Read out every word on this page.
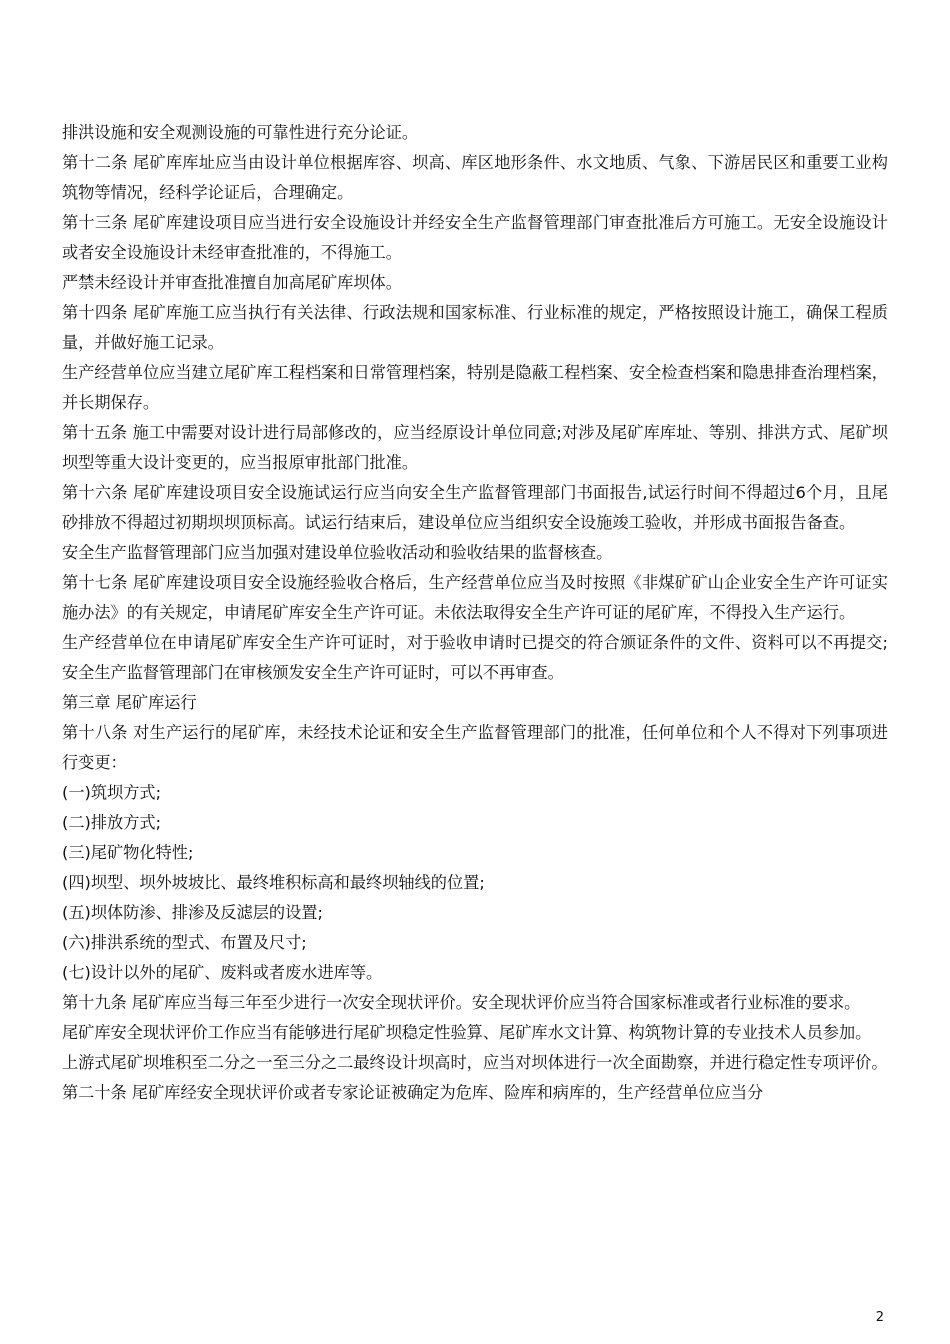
排洪设施和安全观测设施的可靠性进行充分论证。

第十二条 尾矿库库址应当由设计单位根据库容、坝高、库区地形条件、水文地质、气象、下游居民区和重要工业构筑物等情况，经科学论证后，合理确定。

第十三条 尾矿库建设项目应当进行安全设施设计并经安全生产监督管理部门审查批准后方可施工。无安全设施设计或者安全设施设计未经审查批准的，不得施工。

严禁未经设计并审查批准擅自加高尾矿库坝体。

第十四条 尾矿库施工应当执行有关法律、行政法规和国家标准、行业标准的规定，严格按照设计施工，确保工程质量，并做好施工记录。

生产经营单位应当建立尾矿库工程档案和日常管理档案，特别是隐蔽工程档案、安全检查档案和隐患排查治理档案，并长期保存。

第十五条 施工中需要对设计进行局部修改的，应当经原设计单位同意;对涉及尾矿库库址、等别、排洪方式、尾矿坝坝型等重大设计变更的，应当报原审批部门批准。

第十六条 尾矿库建设项目安全设施试运行应当向安全生产监督管理部门书面报告,试运行时间不得超过6个月，且尾砂排放不得超过初期坝坝顶标高。试运行结束后，建设单位应当组织安全设施竣工验收，并形成书面报告备查。

安全生产监督管理部门应当加强对建设单位验收活动和验收结果的监督核查。

第十七条 尾矿库建设项目安全设施经验收合格后，生产经营单位应当及时按照《非煤矿矿山企业安全生产许可证实施办法》的有关规定，申请尾矿库安全生产许可证。未依法取得安全生产许可证的尾矿库，不得投入生产运行。

生产经营单位在申请尾矿库安全生产许可证时，对于验收申请时已提交的符合颁证条件的文件、资料可以不再提交;安全生产监督管理部门在审核颁发安全生产许可证时，可以不再审查。

第三章 尾矿库运行

第十八条 对生产运行的尾矿库，未经技术论证和安全生产监督管理部门的批准，任何单位和个人不得对下列事项进行变更：

(一)筑坝方式;

(二)排放方式;

(三)尾矿物化特性;

(四)坝型、坝外坡坡比、最终堆积标高和最终坝轴线的位置;

(五)坝体防渗、排渗及反滤层的设置;

(六)排洪系统的型式、布置及尺寸;

(七)设计以外的尾矿、废料或者废水进库等。

第十九条 尾矿库应当每三年至少进行一次安全现状评价。安全现状评价应当符合国家标准或者行业标准的要求。

尾矿库安全现状评价工作应当有能够进行尾矿坝稳定性验算、尾矿库水文计算、构筑物计算的专业技术人员参加。

上游式尾矿坝堆积至二分之一至三分之二最终设计坝高时，应当对坝体进行一次全面勘察，并进行稳定性专项评价。

第二十条 尾矿库经安全现状评价或者专家论证被确定为危库、险库和病库的，生产经营单位应当分

2
